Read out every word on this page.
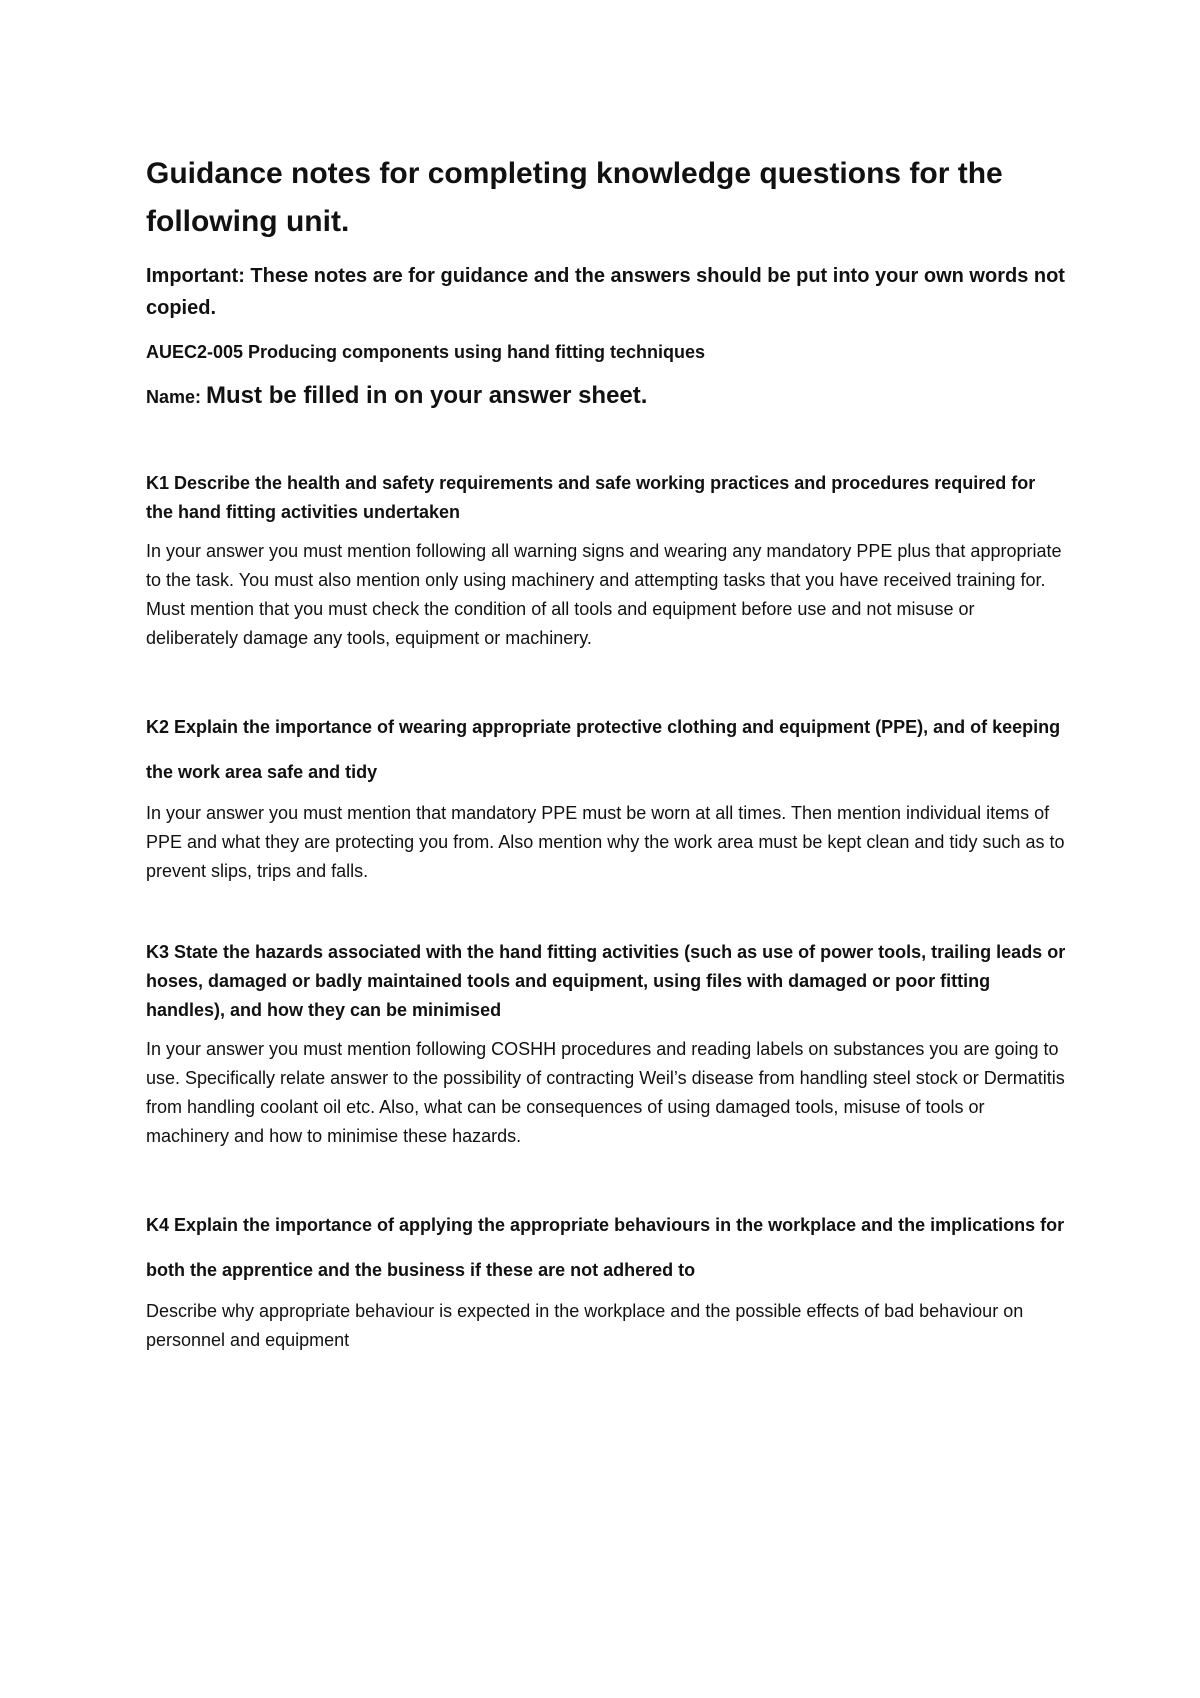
Guidance notes for completing knowledge questions for the following unit.

Important: These notes are for guidance and the answers should be put into your own words not copied.

AUEC2-005 Producing components using hand fitting techniques

Name: Must be filled in on your answer sheet.

K1 Describe the health and safety requirements and safe working practices and procedures required for the hand fitting activities undertaken

In your answer you must mention following all warning signs and wearing any mandatory PPE plus that appropriate to the task. You must also mention only using machinery and attempting tasks that you have received training for. Must mention that you must check the condition of all tools and equipment before use and not misuse or deliberately damage any tools, equipment or machinery.

K2 Explain the importance of wearing appropriate protective clothing and equipment (PPE), and of keeping the work area safe and tidy

In your answer you must mention that mandatory PPE must be worn at all times. Then mention individual items of PPE and what they are protecting you from. Also mention why the work area must be kept clean and tidy such as to prevent slips, trips and falls.

K3 State the hazards associated with the hand fitting activities (such as use of power tools, trailing leads or hoses, damaged or badly maintained tools and equipment, using files with damaged or poor fitting handles), and how they can be minimised

In your answer you must mention following COSHH procedures and reading labels on substances you are going to use. Specifically relate answer to the possibility of contracting Weil’s disease from handling steel stock or Dermatitis from handling coolant oil etc. Also, what can be consequences of using damaged tools, misuse of tools or machinery and how to minimise these hazards.

K4 Explain the importance of applying the appropriate behaviours in the workplace and the implications for both the apprentice and the business if these are not adhered to

Describe why appropriate behaviour is expected in the workplace and the possible effects of bad behaviour on personnel and equipment
